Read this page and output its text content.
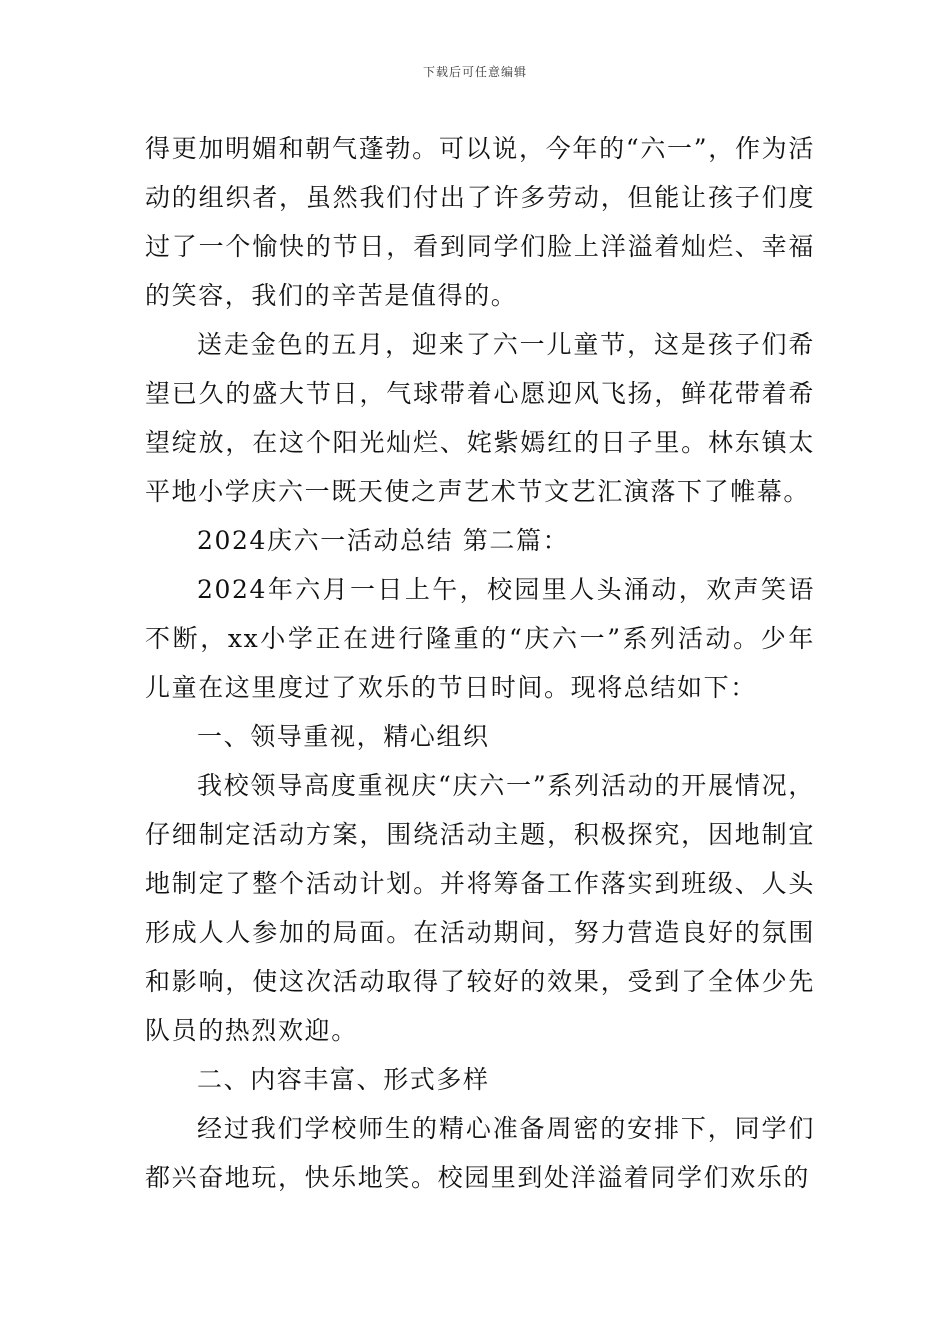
下载后可任意编辑

得更加明媚和朝气蓬勃。可以说，今年的“六一”，作为活动的组织者，虽然我们付出了许多劳动，但能让孩子们度过了一个愉快的节日，看到同学们脸上洋溢着灿烂、幸福的笑容，我们的辛苦是值得的。

送走金色的五月，迎来了六一儿童节，这是孩子们希望已久的盛大节日，气球带着心愿迎风飞扬，鲜花带着希望绽放，在这个阳光灿烂、姹紫嫣红的日子里。林东镇太平地小学庆六一既天使之声艺术节文艺汇演落下了帷幕。

2024庆六一活动总结 第二篇：

2024年六月一日上午，校园里人头涌动，欢声笑语不断，xx小学正在进行隆重的“庆六一”系列活动。少年儿童在这里度过了欢乐的节日时间。现将总结如下：

一、领导重视，精心组织

我校领导高度重视庆“庆六一”系列活动的开展情况，仔细制定活动方案，围绕活动主题，积极探究，因地制宜地制定了整个活动计划。并将筹备工作落实到班级、人头形成人人参加的局面。在活动期间，努力营造良好的氛围和影响，使这次活动取得了较好的效果，受到了全体少先队员的热烈欢迎。

二、内容丰富、形式多样

经过我们学校师生的精心准备周密的安排下，同学们都兴奋地玩，快乐地笑。校园里到处洋溢着同学们欢乐的
